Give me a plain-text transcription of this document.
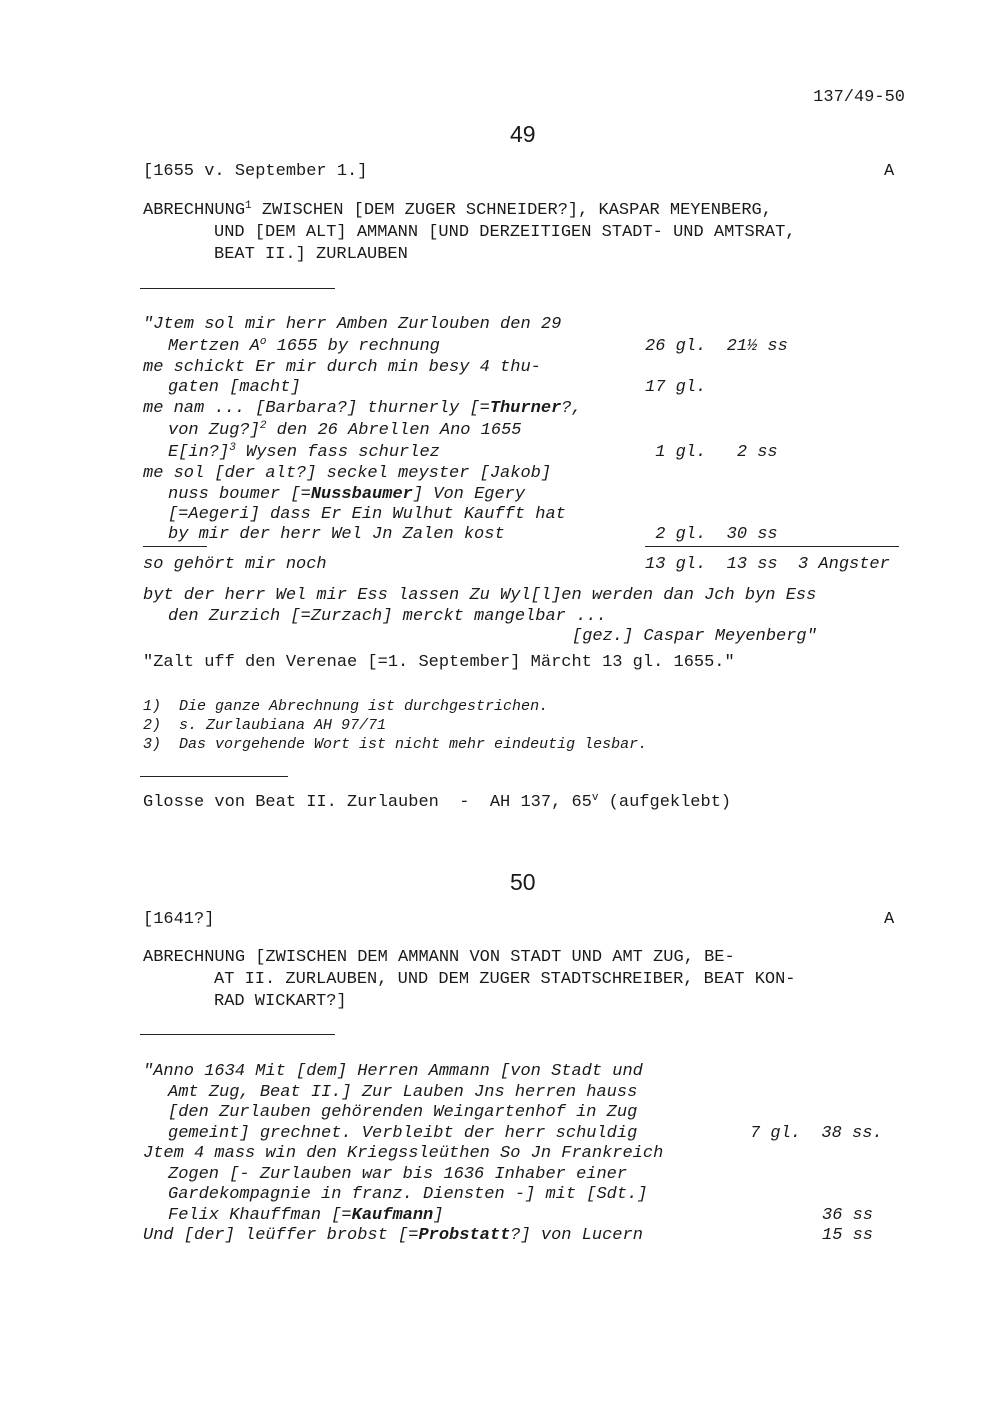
137/49-50
49
[1655 v. September 1.]	A
ABRECHNUNG$^1$ ZWISCHEN [DEM ZUGER SCHNEIDER?], KASPAR MEYENBERG,
UND [DEM ALT] AMMANN [UND DERZEITIGEN STADT- UND AMTSRAT,
BEAT II.] ZURLAUBEN
"Jtem sol mir herr Amben Zurlouben den 29
Mertzen $A^o$ 1655 by rechnung	26 gl.  21½ ss
me schickt Er mir durch min besy 4 thu-
gaten [macht]	17 gl.
me nam ... [Barbara?] thurnerly [=Thurner?,
von Zug?]$^2$ den 26 Abrellen Ano 1655
E[in?]$^3$ Wysen fass schurlez	1 gl.   2 ss
me sol [der alt?] seckel meyster [Jakob]
nuss boumer [=Nussbaumer] Von Egery
[=Aegeri] dass Er Ein Wulhut Kaufft hat
by mir der herr Wel Jn Zalen kost	2 gl.  30 ss
so gehört mir noch	13 gl.  13 ss  3 Angster
byt der herr Wel mir Ess lassen Zu Wyl[l]en werden dan Jch byn Ess
den Zurzich [=Zurzach] merckt mangelbar ...
[gez.] Caspar Meyenberg"
"Zalt uff den Verenae [=1. September] Märcht 13 gl. 1655."
1)  Die ganze Abrechnung ist durchgestrichen.
2)  s. Zurlaubiana AH 97/71
3)  Das vorgehende Wort ist nicht mehr eindeutig lesbar.
Glosse von Beat II. Zurlauben  -  AH 137, 65$^v$ (aufgeklebt)
50
[1641?]	A
ABRECHNUNG [ZWISCHEN DEM AMMANN VON STADT UND AMT ZUG, BE-
AT II. ZURLAUBEN, UND DEM ZUGER STADTSCHREIBER, BEAT KON-
RAD WICKART?]
"Anno 1634 Mit [dem] Herren Ammann [von Stadt und
Amt Zug, Beat II.] Zur Lauben Jns herren hauss
[den Zurlauben gehörenden Weingartenhof in Zug
gemeint] grechnet. Verbleibt der herr schuldig	7 gl.  38 ss.
Jtem 4 mass win den Kriegssleüthen So Jn Frankreich
Zogen [- Zurlauben war bis 1636 Inhaber einer
Gardekompagnie in franz. Diensten -] mit [Sdt.]
Felix Khauffman [=Kaufmann]	36 ss
Und [der] leüffer brobst [=Probstatt?] von Lucern	15 ss
